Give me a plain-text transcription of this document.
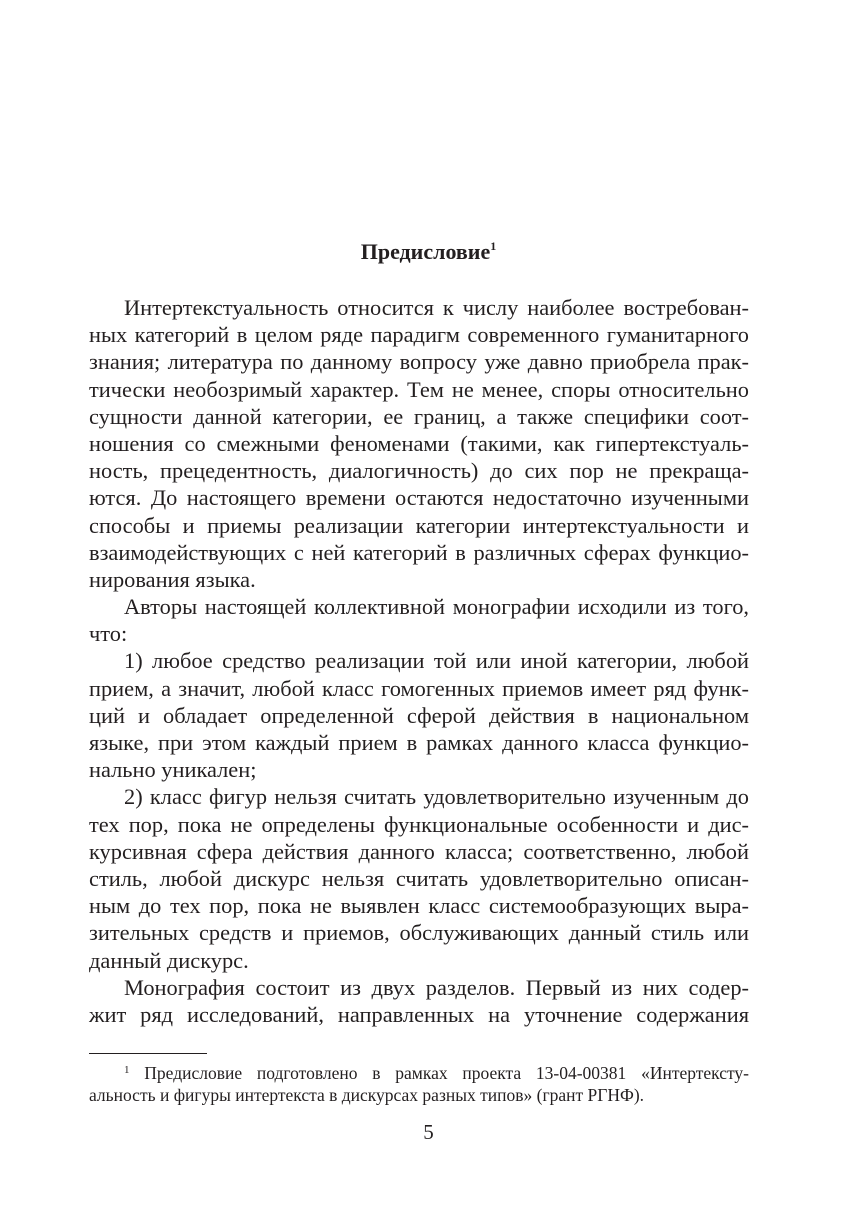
Предисловие$^1$
Интертекстуальность относится к числу наиболее востребован-
ных категорий в целом ряде парадигм современного гуманитарного
знания; литература по данному вопросу уже давно приобрела прак-
тически необозримый характер. Тем не менее, споры относительно
сущности данной категории, ее границ, а также специфики соот-
ношения со смежными феноменами (такими, как гипертекстуаль-
ность, прецедентность, диалогичность) до сих пор не прекраща-
ются. До настоящего времени остаются недостаточно изученными
способы и приемы реализации категории интертекстуальности и
взаимодействующих с ней категорий в различных сферах функцио-
нирования языка.
Авторы настоящей коллективной монографии исходили из того,
что:
1) любое средство реализации той или иной категории, любой
прием, а значит, любой класс гомогенных приемов имеет ряд функ-
ций и обладает определенной сферой действия в национальном
языке, при этом каждый прием в рамках данного класса функцио-
нально уникален;
2) класс фигур нельзя считать удовлетворительно изученным до
тех пор, пока не определены функциональные особенности и дис-
курсивная сфера действия данного класса; соответственно, любой
стиль, любой дискурс нельзя считать удовлетворительно описан-
ным до тех пор, пока не выявлен класс системообразующих выра-
зительных средств и приемов, обслуживающих данный стиль или
данный дискурс.
Монография состоит из двух разделов. Первый из них содер-
жит ряд исследований, направленных на уточнение содержания
$^1$ Предисловие подготовлено в рамках проекта 13-04-00381 «Интертексту-
альность и фигуры интертекста в дискурсах разных типов» (грант РГНФ).
5
